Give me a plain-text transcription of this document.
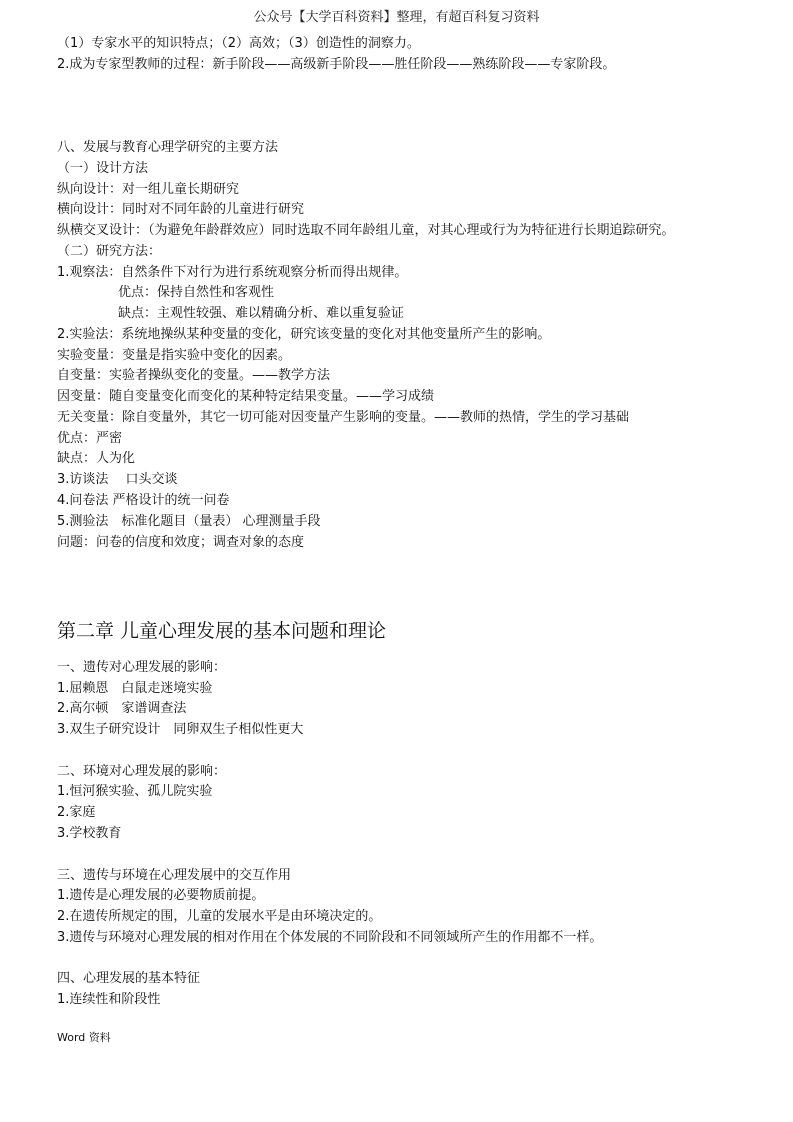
公众号【大学百科资料】整理，有超百科复习资料
（1）专家水平的知识特点；（2）高效；（3）创造性的洞察力。
2.成为专家型教师的过程：新手阶段——高级新手阶段——胜任阶段——熟练阶段——专家阶段。
八、发展与教育心理学研究的主要方法
（一）设计方法
纵向设计：对一组儿童长期研究
横向设计：同时对不同年龄的儿童进行研究
纵横交叉设计：（为避免年龄群效应）同时选取不同年龄组儿童，对其心理或行为为特征进行长期追踪研究。
（二）研究方法：
1.观察法：自然条件下对行为进行系统观察分析而得出规律。
优点：保持自然性和客观性
缺点：主观性较强、难以精确分析、难以重复验证
2.实验法：系统地操纵某种变量的变化，研究该变量的变化对其他变量所产生的影响。
实验变量：变量是指实验中变化的因素。
自变量：实验者操纵变化的变量。——教学方法
因变量：随自变量变化而变化的某种特定结果变量。——学习成绩
无关变量：除自变量外，其它一切可能对因变量产生影响的变量。——教师的热情，学生的学习基础
优点：严密
缺点：人为化
3.访谈法　 口头交谈
4.问卷法 严格设计的统一问卷
5.测验法　标准化题目（量表） 心理测量手段
问题：问卷的信度和效度；调查对象的态度
第二章 儿童心理发展的基本问题和理论
一、遗传对心理发展的影响：
1.屈赖恩　白鼠走迷境实验
2.高尔顿　家谱调查法
3.双生子研究设计　同卵双生子相似性更大
二、环境对心理发展的影响：
1.恒河猴实验、孤儿院实验
2.家庭
3.学校教育
三、遗传与环境在心理发展中的交互作用
1.遗传是心理发展的必要物质前提。
2.在遗传所规定的围，儿童的发展水平是由环境决定的。
3.遗传与环境对心理发展的相对作用在个体发展的不同阶段和不同领域所产生的作用都不一样。
四、心理发展的基本特征
1.连续性和阶段性
Word 资料
